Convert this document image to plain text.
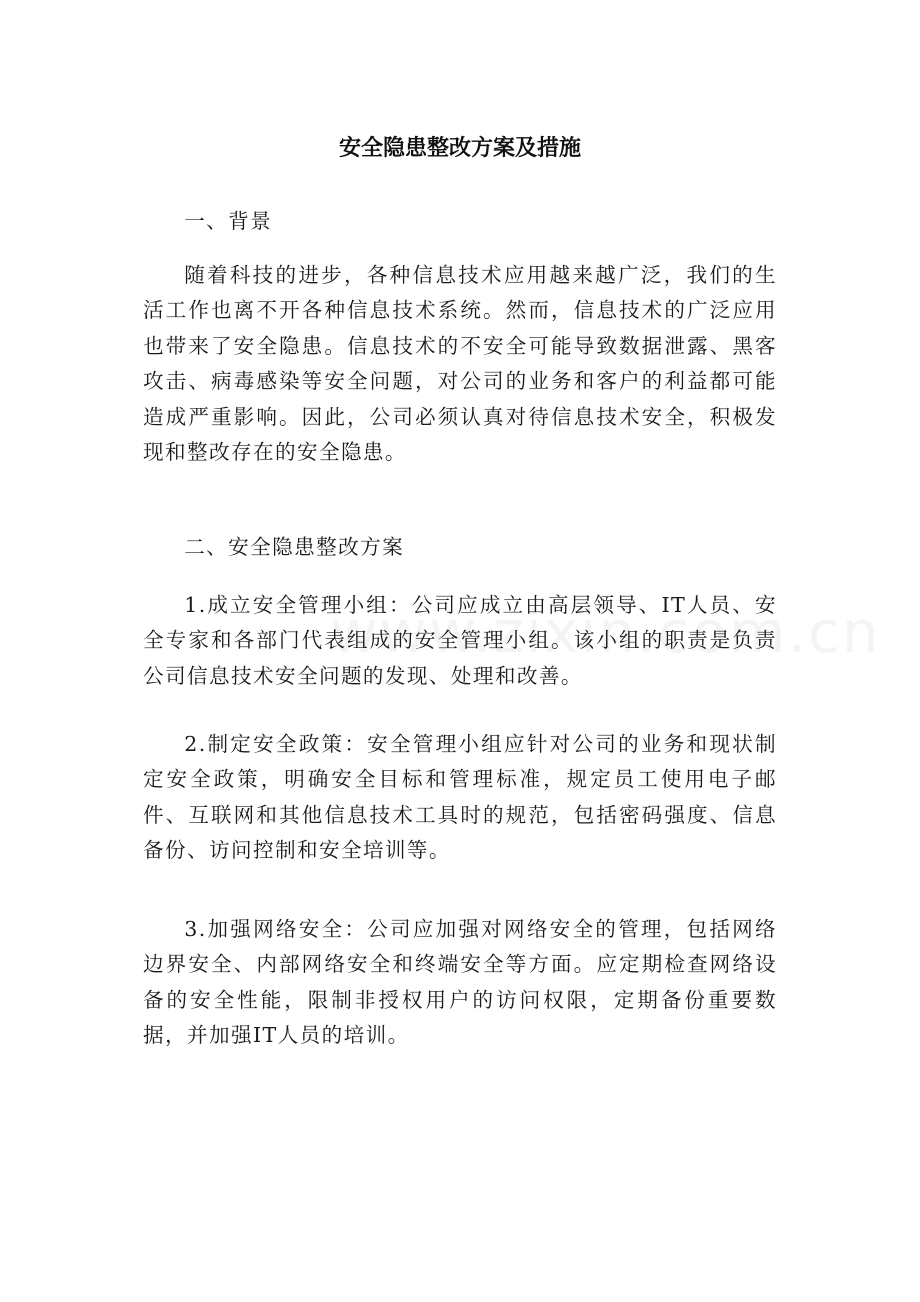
安全隐患整改方案及措施

一、背景

随着科技的进步，各种信息技术应用越来越广泛，我们的生活工作也离不开各种信息技术系统。然而，信息技术的广泛应用也带来了安全隐患。信息技术的不安全可能导致数据泄露、黑客攻击、病毒感染等安全问题，对公司的业务和客户的利益都可能造成严重影响。因此，公司必须认真对待信息技术安全，积极发现和整改存在的安全隐患。

二、安全隐患整改方案

1.成立安全管理小组：公司应成立由高层领导、IT人员、安全专家和各部门代表组成的安全管理小组。该小组的职责是负责公司信息技术安全问题的发现、处理和改善。

2.制定安全政策：安全管理小组应针对公司的业务和现状制定安全政策，明确安全目标和管理标准，规定员工使用电子邮件、互联网和其他信息技术工具时的规范，包括密码强度、信息备份、访问控制和安全培训等。

3.加强网络安全：公司应加强对网络安全的管理，包括网络边界安全、内部网络安全和终端安全等方面。应定期检查网络设备的安全性能，限制非授权用户的访问权限，定期备份重要数据，并加强IT人员的培训。
